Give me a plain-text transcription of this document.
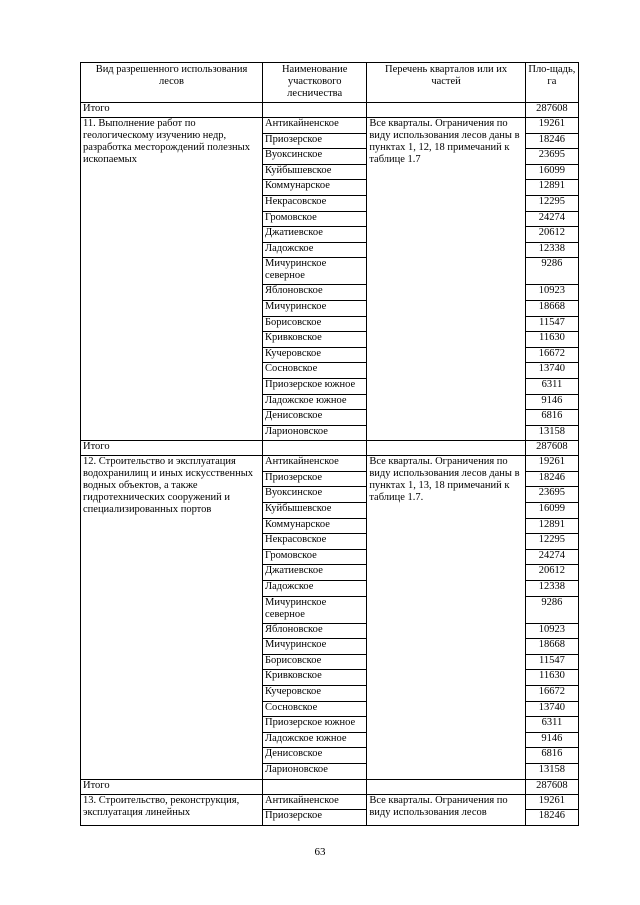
Вид разрешенного использования лесов	Наименование участкового лесничества	Перечень кварталов или их частей	Пло-щадь, га
Итого			287608
11. Выполнение работ по геологическому изучению недр, разработка месторождений полезных ископаемых	Антикайненское	Все кварталы. Ограничения по виду использования лесов даны в пунктах 1, 12, 18 примечаний к таблице 1.7	19261
	Приозерское		18246
	Вуоксинское		23695
	Куйбышевское		16099
	Коммунарское		12891
	Некрасовское		12295
	Громовское		24274
	Джатиевское		20612
	Ладожское		12338
	Мичуринское северное		9286
	Яблоновское		10923
	Мичуринское		18668
	Борисовское		11547
	Кривковское		11630
	Кучеровское		16672
	Сосновское		13740
	Приозерское южное		6311
	Ладожское южное		9146
	Денисовское		6816
	Ларионовское		13158
Итого			287608
12. Строительство и эксплуатация водохранилищ и иных искусственных водных объектов, а также гидротехнических сооружений и специализированных портов	Антикайненское	Все кварталы. Ограничения по виду использования лесов даны в пунктах 1, 13, 18 примечаний к таблице 1.7.	19261
	Приозерское		18246
	Вуоксинское		23695
	Куйбышевское		16099
	Коммунарское		12891
	Некрасовское		12295
	Громовское		24274
	Джатиевское		20612
	Ладожское		12338
	Мичуринское северное		9286
	Яблоновское		10923
	Мичуринское		18668
	Борисовское		11547
	Кривковское		11630
	Кучеровское		16672
	Сосновское		13740
	Приозерское южное		6311
	Ладожское южное		9146
	Денисовское		6816
	Ларионовское		13158
Итого			287608
13. Строительство, реконструкция, эксплуатация линейных	Антикайненское	Все кварталы. Ограничения по виду использования лесов	19261
	Приозерское		18246
63
